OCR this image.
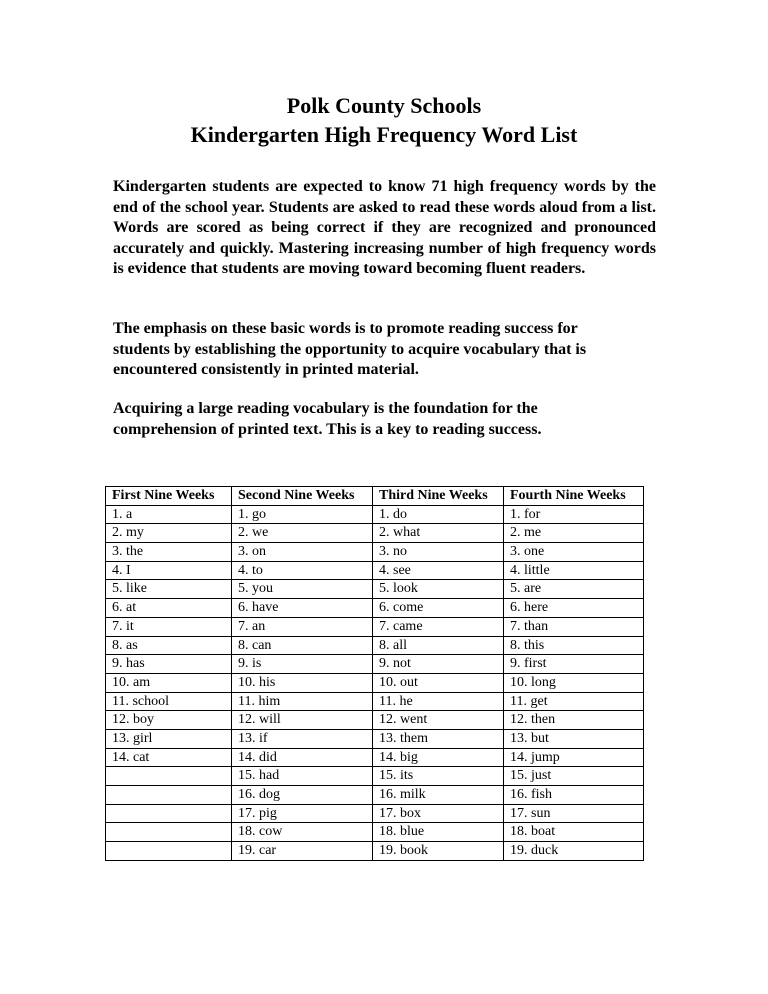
Polk County Schools
Kindergarten High Frequency Word List

Kindergarten students are expected to know 71 high frequency words by the end of the school year. Students are asked to read these words aloud from a list. Words are scored as being correct if they are recognized and pronounced accurately and quickly. Mastering increasing number of high frequency words is evidence that students are moving toward becoming fluent readers.

The emphasis on these basic words is to promote reading success for
students by establishing the opportunity to acquire vocabulary that is
encountered consistently in printed material.
Acquiring a large reading vocabulary is the foundation for the
comprehension of printed text. This is a key to reading success.
First Nine Weeks	Second Nine Weeks	Third Nine Weeks	Fourth Nine Weeks
1. a	1. go	1. do	1. for
2. my	2. we	2. what	2. me
3. the	3. on	3. no	3. one
4. I	4. to	4. see	4. little
5. like	5. you	5. look	5. are
6. at	6. have	6. come	6. here
7. it	7. an	7. came	7. than
8. as	8. can	8. all	8. this
9. has	9. is	9. not	9. first
10. am	10. his	10. out	10. long
11. school	11. him	11. he	11. get
12. boy	12. will	12. went	12. then
13. girl	13. if	13. them	13. but
14. cat	14. did	14. big	14. jump
	15. had	15. its	15. just
	16. dog	16. milk	16. fish
	17. pig	17. box	17. sun
	18. cow	18. blue	18. boat
	19. car	19. book	19. duck
